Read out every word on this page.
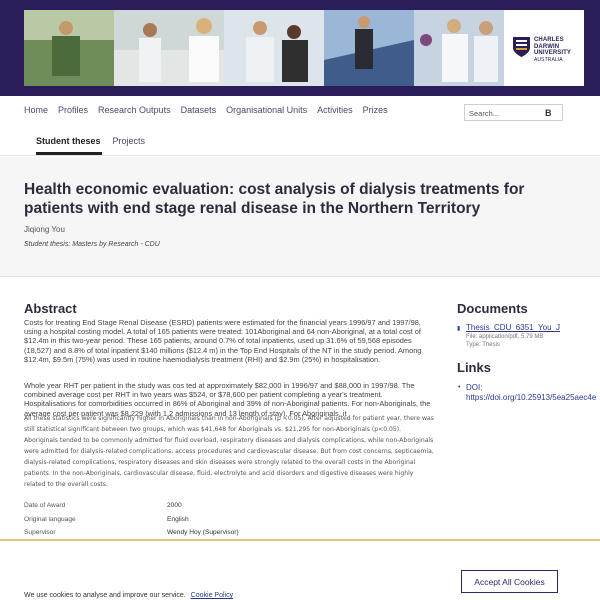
CHARLES
DARWIN
UNIVERSITY
AUSTRALIA
Home Profiles Research Outputs Datasets Organisational Units Activities Prizes
Search...	B
Student theses Projects
Health economic evaluation: cost analysis of dialysis treatments for patients with end stage renal disease in the Northern Territory
Jiqiong You
Student thesis: Masters by Research - CDU
Abstract

Costs for treating End Stage Renal Disease (ESRD) patients were estimated for the financial years 1996/97 and 1997/98, using a hospital costing model. A total of 165 patients were treated: 101Aboriginal and 64 non-Aboriginal, at a total cost of $12.4m in this two-year period. These 165 patients, around 0.7% of total inpatients, used up 31.6% of 59,568 episodes (18,527) and 8.8% of total inpatient $140 millions ($12.4 m) in the Top End Hospitals of the NT in the study period. Among $12.4m, $9.5m (75%) was used in routine haemodialysis treatment (RHI) and $2.9m (25%) in hospitalisation.

Whole year RHT per patient in the study was cos ted at approximately $82,000 in 1996/97 and $88,000 in 1997/98. The combined average cost per RHT in two years was $524, or $78,600 per patient completing a year's treatment. Hospitalisations for comorbidities occurred in 86% of Aboriginal and 39% of non-Aboriginal patients. For non-Aboriginals, the average cost per patient was $8,229 (with 1.2 admissions and 13 length of stay). For Aboriginals, it

All these statistics were significantly higher in Aboriginals than in non-Aboriginals (p <0.05). After adjusted for patient year, there was still statistical significant between two groups, which was $41,648 for Aboriginals vs. $21,295 for non-Aboriginals (p<0.05). Aboriginals tended to be commonly admitted for fluid overload, respiratory diseases and dialysis complications, while non-Aboriginals were admitted for dialysis-related complications, access procedures and cardiovascular disease. But from cost concerns, septicaemia, dialysis-related complications, respiratory diseases and skin diseases were strongly related to the overall costs in the Aboriginal patients. In the non-Aboriginals, cardiovascular disease, fluid, electrolyte and acid disorders and digestive diseases were highly related to the overall costs.

Date of Award	2000
Original language	English
Supervisor	Wendy Hoy (Supervisor)
Documents
▮ Thesis_CDU_6351_You_J
File: application/pdf, 5.79 MB
Type: Thesis
Links
• DOI:
https://doi.org/10.25913/5ea25aec4e
We use cookies to analyse and improve our service. Cookie Policy
Accept All Cookies
